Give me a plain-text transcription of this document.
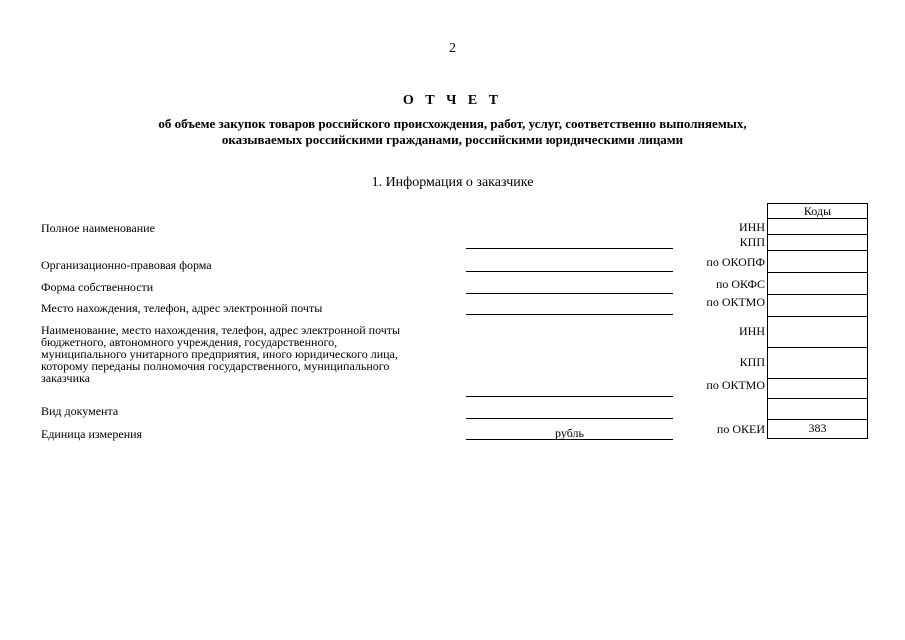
2
О Т Ч Е Т
об объеме закупок товаров российского происхождения, работ, услуг, соответственно выполняемых,
оказываемых российскими гражданами, российскими юридическими лицами
1. Информация о заказчике
Полное наименование
Организационно-правовая форма
Форма собственности
Место нахождения, телефон, адрес электронной почты
Наименование, место нахождения, телефон, адрес электронной почты бюджетного, автономного учреждения, государственного, муниципального унитарного предприятия, иного юридического лица, которому переданы полномочия государственного, муниципального заказчика
Вид документа
Единица измерения	рубль
ИНН
КПП
по ОКОПФ
по ОКФС
по ОКТМО
ИНН
КПП
по ОКТМО
по ОКЕИ
Коды
383
